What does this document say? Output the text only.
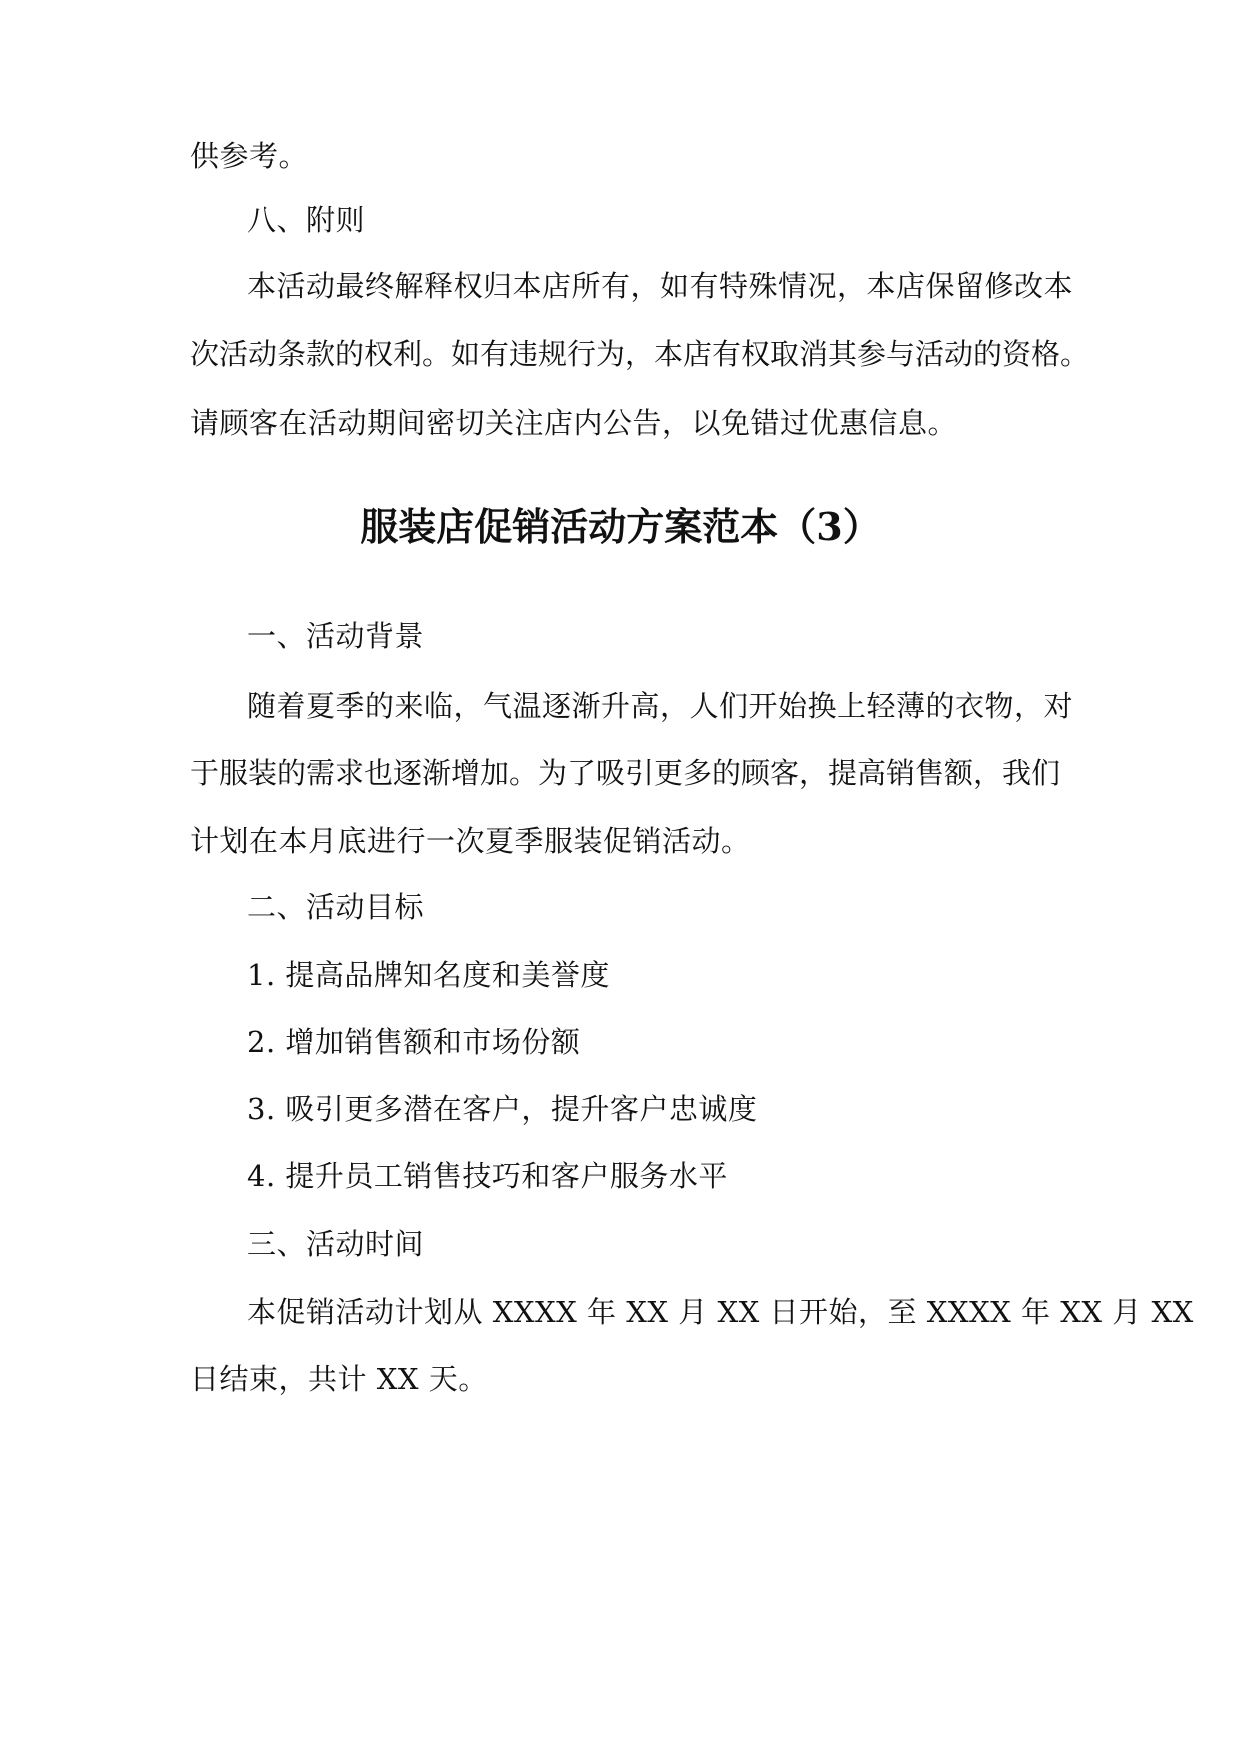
供参考。
八、附则
本活动最终解释权归本店所有，如有特殊情况，本店保留修改本
次活动条款的权利。如有违规行为，本店有权取消其参与活动的资格。
请顾客在活动期间密切关注店内公告，以免错过优惠信息。
服装店促销活动方案范本（3）
一、活动背景
随着夏季的来临，气温逐渐升高，人们开始换上轻薄的衣物，对
于服装的需求也逐渐增加。为了吸引更多的顾客，提高销售额，我们
计划在本月底进行一次夏季服装促销活动。
二、活动目标
1. 提高品牌知名度和美誉度
2. 增加销售额和市场份额
3. 吸引更多潜在客户，提升客户忠诚度
4. 提升员工销售技巧和客户服务水平
三、活动时间
本促销活动计划从 XXXX 年 XX 月 XX 日开始，至 XXXX 年 XX 月 XX
日结束，共计 XX 天。
